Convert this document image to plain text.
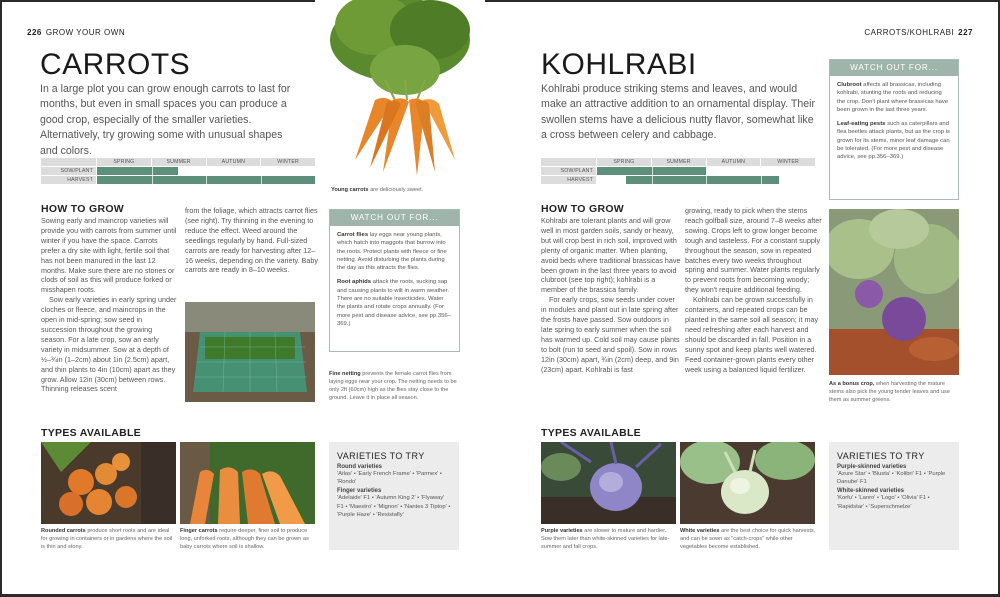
226 GROW YOUR OWN
CARROTS

In a large plot you can grow enough carrots to last for months, but even in small spaces you can produce a good crop, especially of the smaller varieties. Alternatively, try growing some with unusual shapes and colors.

SPRING	SUMMER	AUTUMN	WINTER
SOW/PLANT
HARVEST
Young carrots are deliciously sweet.
HOW TO GROW

Sowing early and maincrop varieties will provide you with carrots from summer until winter if you have the space. Carrots prefer a dry site with light, fertile soil that has not been manured in the last 12 months. Make sure there are no stones or clods of soil as this will produce forked or misshapen roots.

Sow early varieties in early spring under cloches or fleece, and maincrops in the open in mid-spring; sow seed in succession throughout the growing season. For a late crop, sow an early variety in midsummer. Sow at a depth of ½–¾in (1–2cm) about 1in (2.5cm) apart, and thin plants to 4in (10cm) apart as they grow. Allow 12in (30cm) between rows. Thinning releases scent

from the foliage, which attracts carrot flies (see right). Try thinning in the evening to reduce the effect. Weed around the seedlings regularly by hand. Full-sized carrots are ready for harvesting after 12–16 weeks, depending on the variety. Baby carrots are ready in 8–10 weeks.

WATCH OUT FOR...

Carrot flies lay eggs near young plants, which hatch into maggots that burrow into the roots. Protect plants with fleece or fine netting. Avoid disturbing the plants during the day as this attracts the flies.

Root aphids attack the roots, sucking sap and causing plants to wilt in warm weather. There are no suitable insecticides. Water the plants and rotate crops annually. (For more pest and disease advice, see pp.356–369.)

Fine netting prevents the female carrot flies from laying eggs near your crop. The netting needs to be only 2ft (60cm) high as the flies stay close to the ground. Leave it in place all season.
TYPES AVAILABLE
Rounded carrots produce short roots and are ideal for growing in containers or in gardens where the soil is thin and stony.
Finger carrots require deeper, finer soil to produce long, unforked roots, although they can be grown as baby carrots where soil is shallow.
VARIETIES TO TRY
Round varieties
'Atlas' • 'Early French Frame' • 'Parmex' • 'Rondo'
Finger varieties
'Adelaide' F1 • 'Autumn King 2' • 'Flyaway' F1 • 'Maestro' • 'Mignon' • 'Nantes 3 Tiptop' • 'Purple Haze' • 'Resistafly'
CARROTS/KOHLRABI 227
KOHLRABI

Kohlrabi produce striking stems and leaves, and would make an attractive addition to an ornamental display. Their swollen stems have a delicious nutty flavor, somewhat like a cross between celery and cabbage.

SPRING	SUMMER	AUTUMN	WINTER
SOW/PLANT
HARVEST
WATCH OUT FOR...

Clubroot affects all brassicas, including kohlrabi, stunting the roots and reducing the crop. Don't plant where brassicas have been grown in the last three years.

Leaf-eating pests such as caterpillars and flea beetles attack plants, but as the crop is grown for its stems, minor leaf damage can be tolerated. (For more pest and disease advice, see pp.356–369.)

As a bonus crop, when harvesting the mature stems also pick the young tender leaves and use them as summer greens.
HOW TO GROW

Kohlrabi are tolerant plants and will grow well in most garden soils, sandy or heavy, but will crop best in rich soil, improved with plenty of organic matter. When planting, avoid beds where traditional brassicas have been grown in the last three years to avoid clubroot (see top right); kohlrabi is a member of the brassica family.

For early crops, sow seeds under cover in modules and plant out in late spring after the frosts have passed. Sow outdoors in late spring to early summer when the soil has warmed up. Cold soil may cause plants to bolt (run to seed and spoil). Sow in rows 12in (30cm) apart, ¾in (2cm) deep, and 9in (23cm) apart. Kohlrabi is fast

growing, ready to pick when the stems reach golfball size, around 7–8 weeks after sowing. Crops left to grow longer become tough and tasteless. For a constant supply throughout the season, sow in repeated batches every two weeks throughout spring and summer. Water plants regularly to prevent roots from becoming woody; they won't require additional feeding.

Kohlrabi can be grown successfully in containers, and repeated crops can be planted in the same soil all season; it may need refreshing after each harvest and should be discarded in fall. Position in a sunny spot and keep plants well watered. Feed container-grown plants every other week using a balanced liquid fertilizer.

TYPES AVAILABLE
Purple varieties are slower to mature and hardier. Sow them later than white-skinned varieties for late-summer and fall crops.
White varieties are the best choice for quick harvests, and can be sown as "catch-crops" while other vegetables become established.
VARIETIES TO TRY
Purple-skinned varieties
'Azure Star' • 'Blusta' • 'Kolibri' F1 • 'Purple Danube' F1
White-skinned varieties
'Korfu' • 'Lanro' • 'Logo' • 'Olivia' F1 • 'Rapidstar' • 'Superschmelze'
